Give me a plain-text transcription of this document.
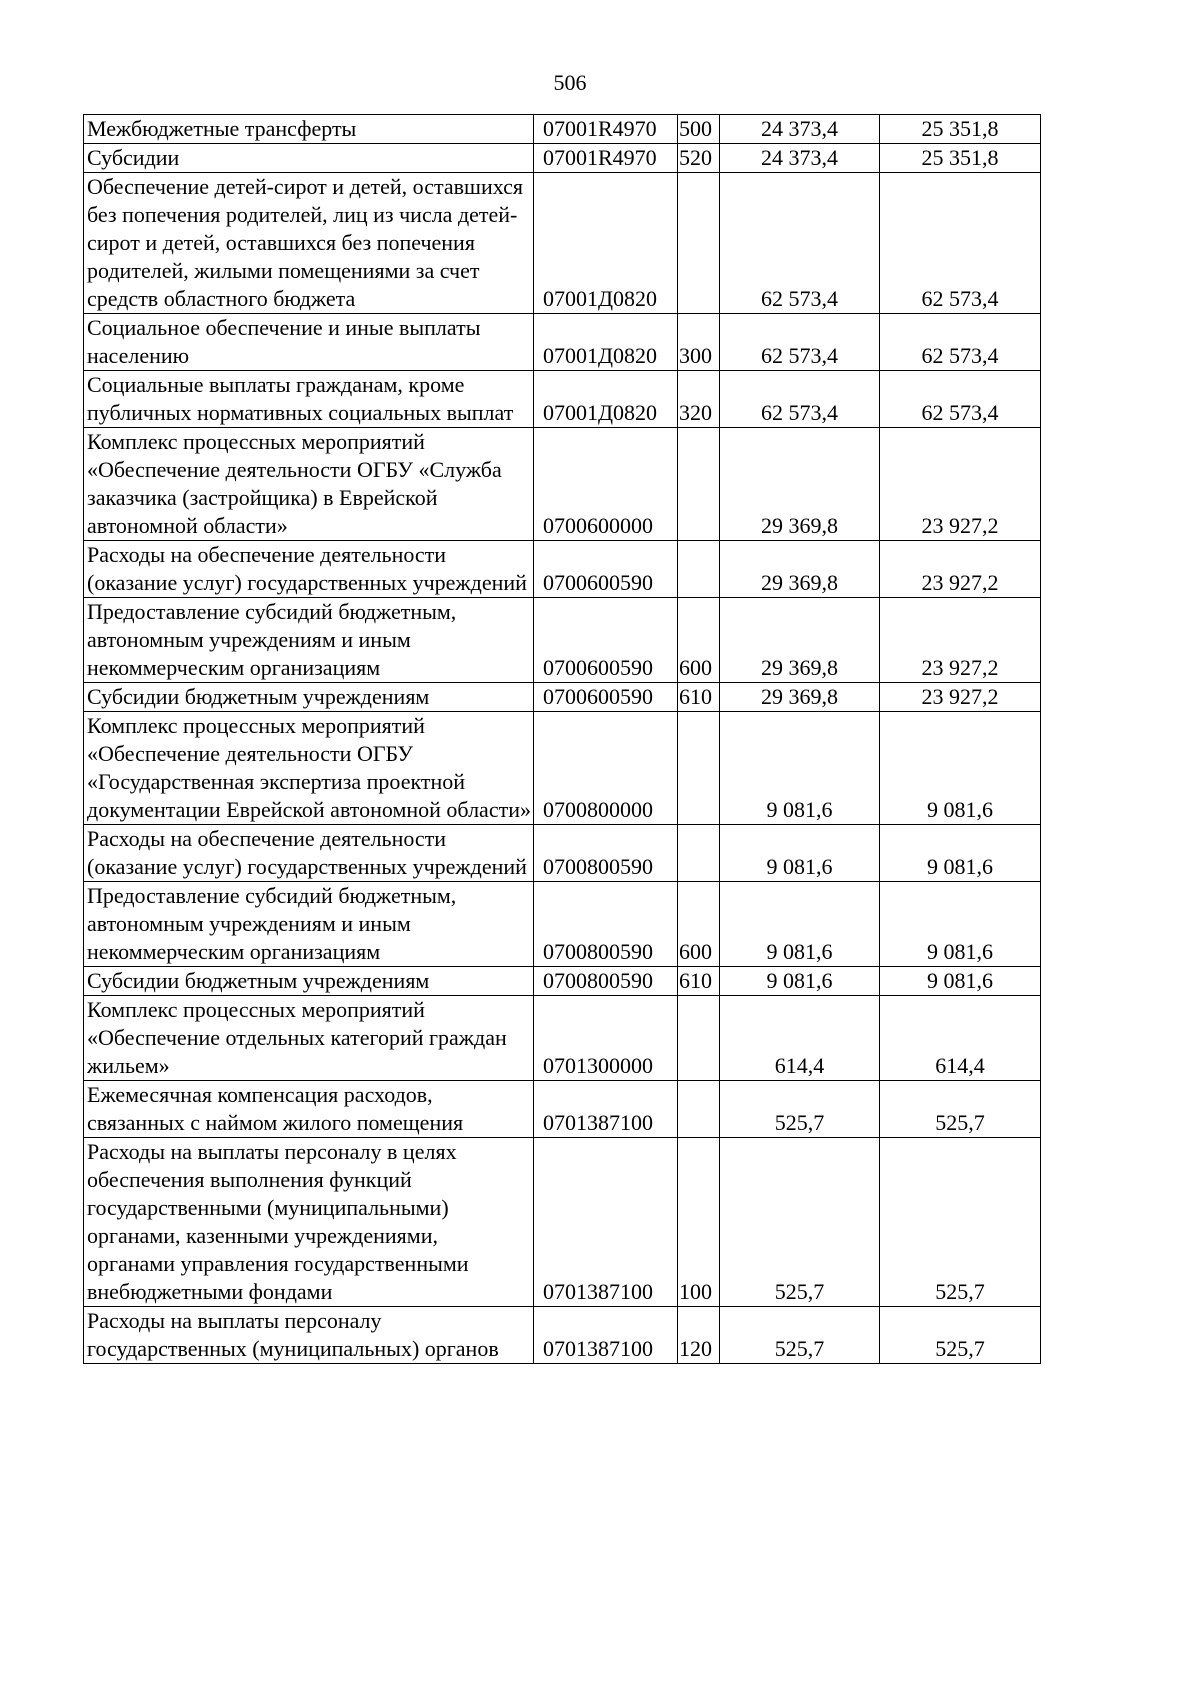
506
Межбюджетные трансферты	07001R4970	500	24 373,4	25 351,8
Субсидии	07001R4970	520	24 373,4	25 351,8
Обеспечение детей-сирот и детей, оставшихся без попечения родителей, лиц из числа детей-сирот и детей, оставшихся без попечения родителей, жилыми помещениями за счет средств областного бюджета	07001Д0820		62 573,4	62 573,4
Социальное обеспечение и иные выплаты населению	07001Д0820	300	62 573,4	62 573,4
Социальные выплаты гражданам, кроме публичных нормативных социальных выплат	07001Д0820	320	62 573,4	62 573,4
Комплекс процессных мероприятий «Обеспечение деятельности ОГБУ «Служба заказчика (застройщика) в Еврейской автономной области»	0700600000		29 369,8	23 927,2
Расходы на обеспечение деятельности (оказание услуг) государственных учреждений	0700600590		29 369,8	23 927,2
Предоставление субсидий бюджетным, автономным учреждениям и иным некоммерческим организациям	0700600590	600	29 369,8	23 927,2
Субсидии бюджетным учреждениям	0700600590	610	29 369,8	23 927,2
Комплекс процессных мероприятий «Обеспечение деятельности ОГБУ «Государственная экспертиза проектной документации Еврейской автономной области»	0700800000		9 081,6	9 081,6
Расходы на обеспечение деятельности (оказание услуг) государственных учреждений	0700800590		9 081,6	9 081,6
Предоставление субсидий бюджетным, автономным учреждениям и иным некоммерческим организациям	0700800590	600	9 081,6	9 081,6
Субсидии бюджетным учреждениям	0700800590	610	9 081,6	9 081,6
Комплекс процессных мероприятий «Обеспечение отдельных категорий граждан жильем»	0701300000		614,4	614,4
Ежемесячная компенсация расходов, связанных с наймом жилого помещения	0701387100		525,7	525,7
Расходы на выплаты персоналу в целях обеспечения выполнения функций государственными (муниципальными) органами, казенными учреждениями, органами управления государственными внебюджетными фондами	0701387100	100	525,7	525,7
Расходы на выплаты персоналу государственных (муниципальных) органов	0701387100	120	525,7	525,7
